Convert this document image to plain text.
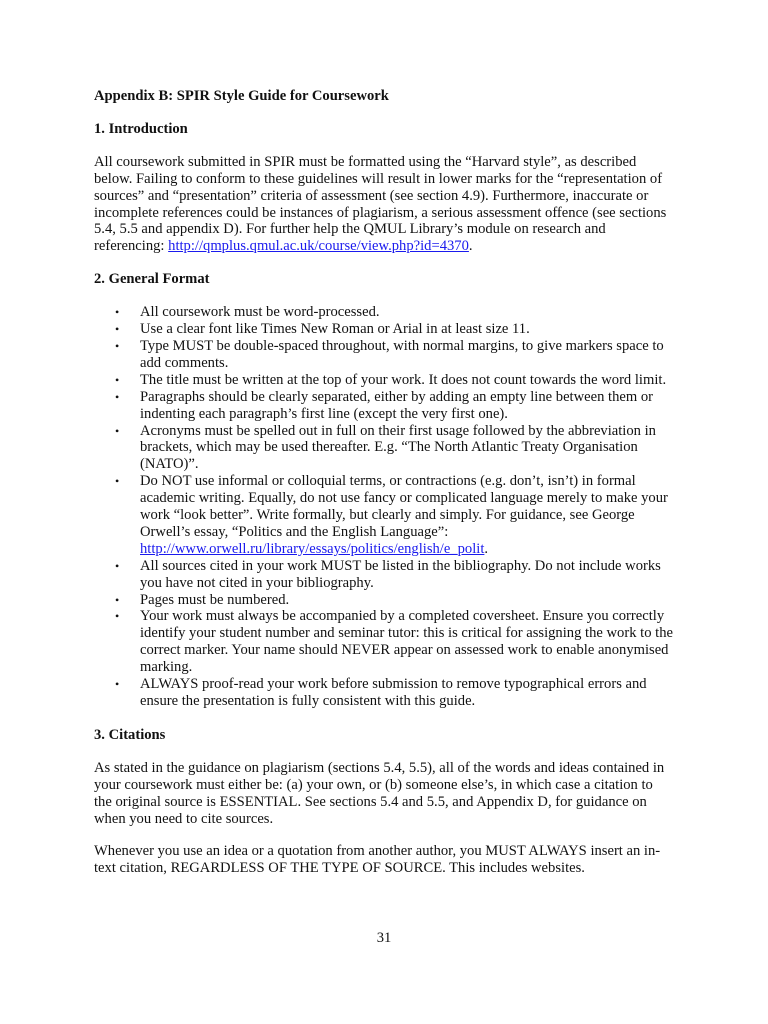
Appendix B: SPIR Style Guide for Coursework
1. Introduction

All coursework submitted in SPIR must be formatted using the “Harvard style”, as described below. Failing to conform to these guidelines will result in lower marks for the “representation of sources” and “presentation” criteria of assessment (see section 4.9). Furthermore, inaccurate or incomplete references could be instances of plagiarism, a serious assessment offence (see sections 5.4, 5.5 and appendix D). For further help the QMUL Library’s module on research and referencing: http://qmplus.qmul.ac.uk/course/view.php?id=4370.

2. General Format
• All coursework must be word-processed.
• Use a clear font like Times New Roman or Arial in at least size 11.
• Type MUST be double-spaced throughout, with normal margins, to give markers space to add comments.
• The title must be written at the top of your work. It does not count towards the word limit.
• Paragraphs should be clearly separated, either by adding an empty line between them or indenting each paragraph’s first line (except the very first one).
• Acronyms must be spelled out in full on their first usage followed by the abbreviation in brackets, which may be used thereafter. E.g. “The North Atlantic Treaty Organisation (NATO)”.
• Do NOT use informal or colloquial terms, or contractions (e.g. don’t, isn’t) in formal academic writing. Equally, do not use fancy or complicated language merely to make your work “look better”. Write formally, but clearly and simply. For guidance, see George Orwell’s essay, “Politics and the English Language”: http://www.orwell.ru/library/essays/politics/english/e_polit.
• All sources cited in your work MUST be listed in the bibliography. Do not include works you have not cited in your bibliography.
• Pages must be numbered.
• Your work must always be accompanied by a completed coversheet. Ensure you correctly identify your student number and seminar tutor: this is critical for assigning the work to the correct marker. Your name should NEVER appear on assessed work to enable anonymised marking.
• ALWAYS proof-read your work before submission to remove typographical errors and ensure the presentation is fully consistent with this guide.
3. Citations

As stated in the guidance on plagiarism (sections 5.4, 5.5), all of the words and ideas contained in your coursework must either be: (a) your own, or (b) someone else’s, in which case a citation to the original source is ESSENTIAL. See sections 5.4 and 5.5, and Appendix D, for guidance on when you need to cite sources.

Whenever you use an idea or a quotation from another author, you MUST ALWAYS insert an in-text citation, REGARDLESS OF THE TYPE OF SOURCE. This includes websites.

31
